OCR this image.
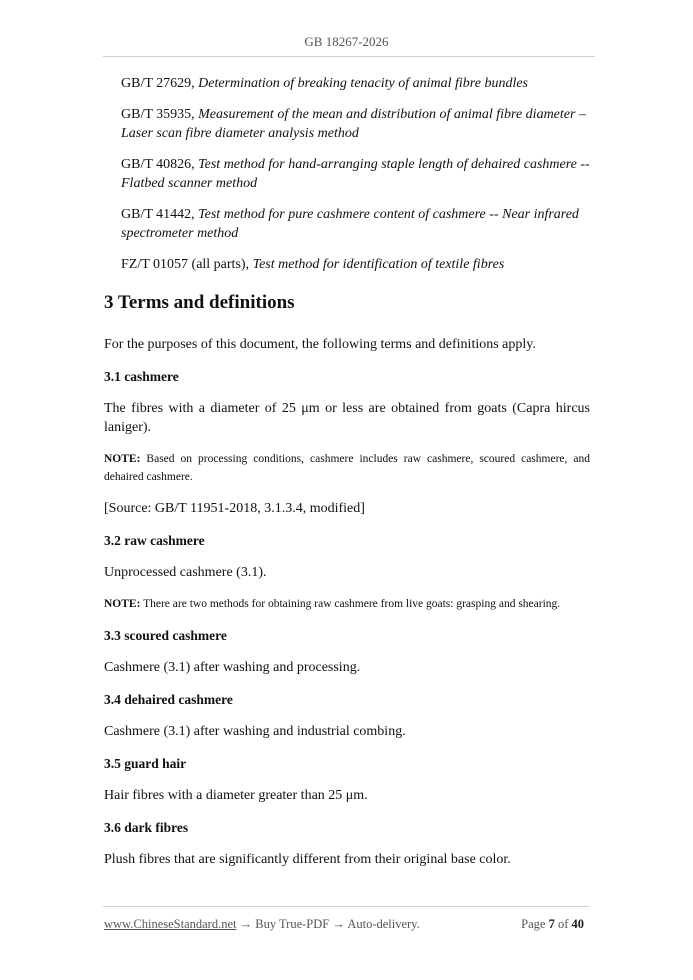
GB 18267-2026

GB/T 27629, Determination of breaking tenacity of animal fibre bundles

GB/T 35935, Measurement of the mean and distribution of animal fibre diameter – Laser scan fibre diameter analysis method

GB/T 40826, Test method for hand-arranging staple length of dehaired cashmere -- Flatbed scanner method

GB/T 41442, Test method for pure cashmere content of cashmere -- Near infrared spectrometer method

FZ/T 01057 (all parts), Test method for identification of textile fibres

3 Terms and definitions

For the purposes of this document, the following terms and definitions apply.

3.1 cashmere

The fibres with a diameter of 25 μm or less are obtained from goats (Capra hircus laniger).

NOTE: Based on processing conditions, cashmere includes raw cashmere, scoured cashmere, and dehaired cashmere.

[Source: GB/T 11951-2018, 3.1.3.4, modified]

3.2 raw cashmere

Unprocessed cashmere (3.1).

NOTE: There are two methods for obtaining raw cashmere from live goats: grasping and shearing.

3.3 scoured cashmere

Cashmere (3.1) after washing and processing.

3.4 dehaired cashmere

Cashmere (3.1) after washing and industrial combing.

3.5 guard hair

Hair fibres with a diameter greater than 25 μm.

3.6 dark fibres

Plush fibres that are significantly different from their original base color.

www.ChineseStandard.net → Buy True-PDF → Auto-delivery.	Page 7 of 40
